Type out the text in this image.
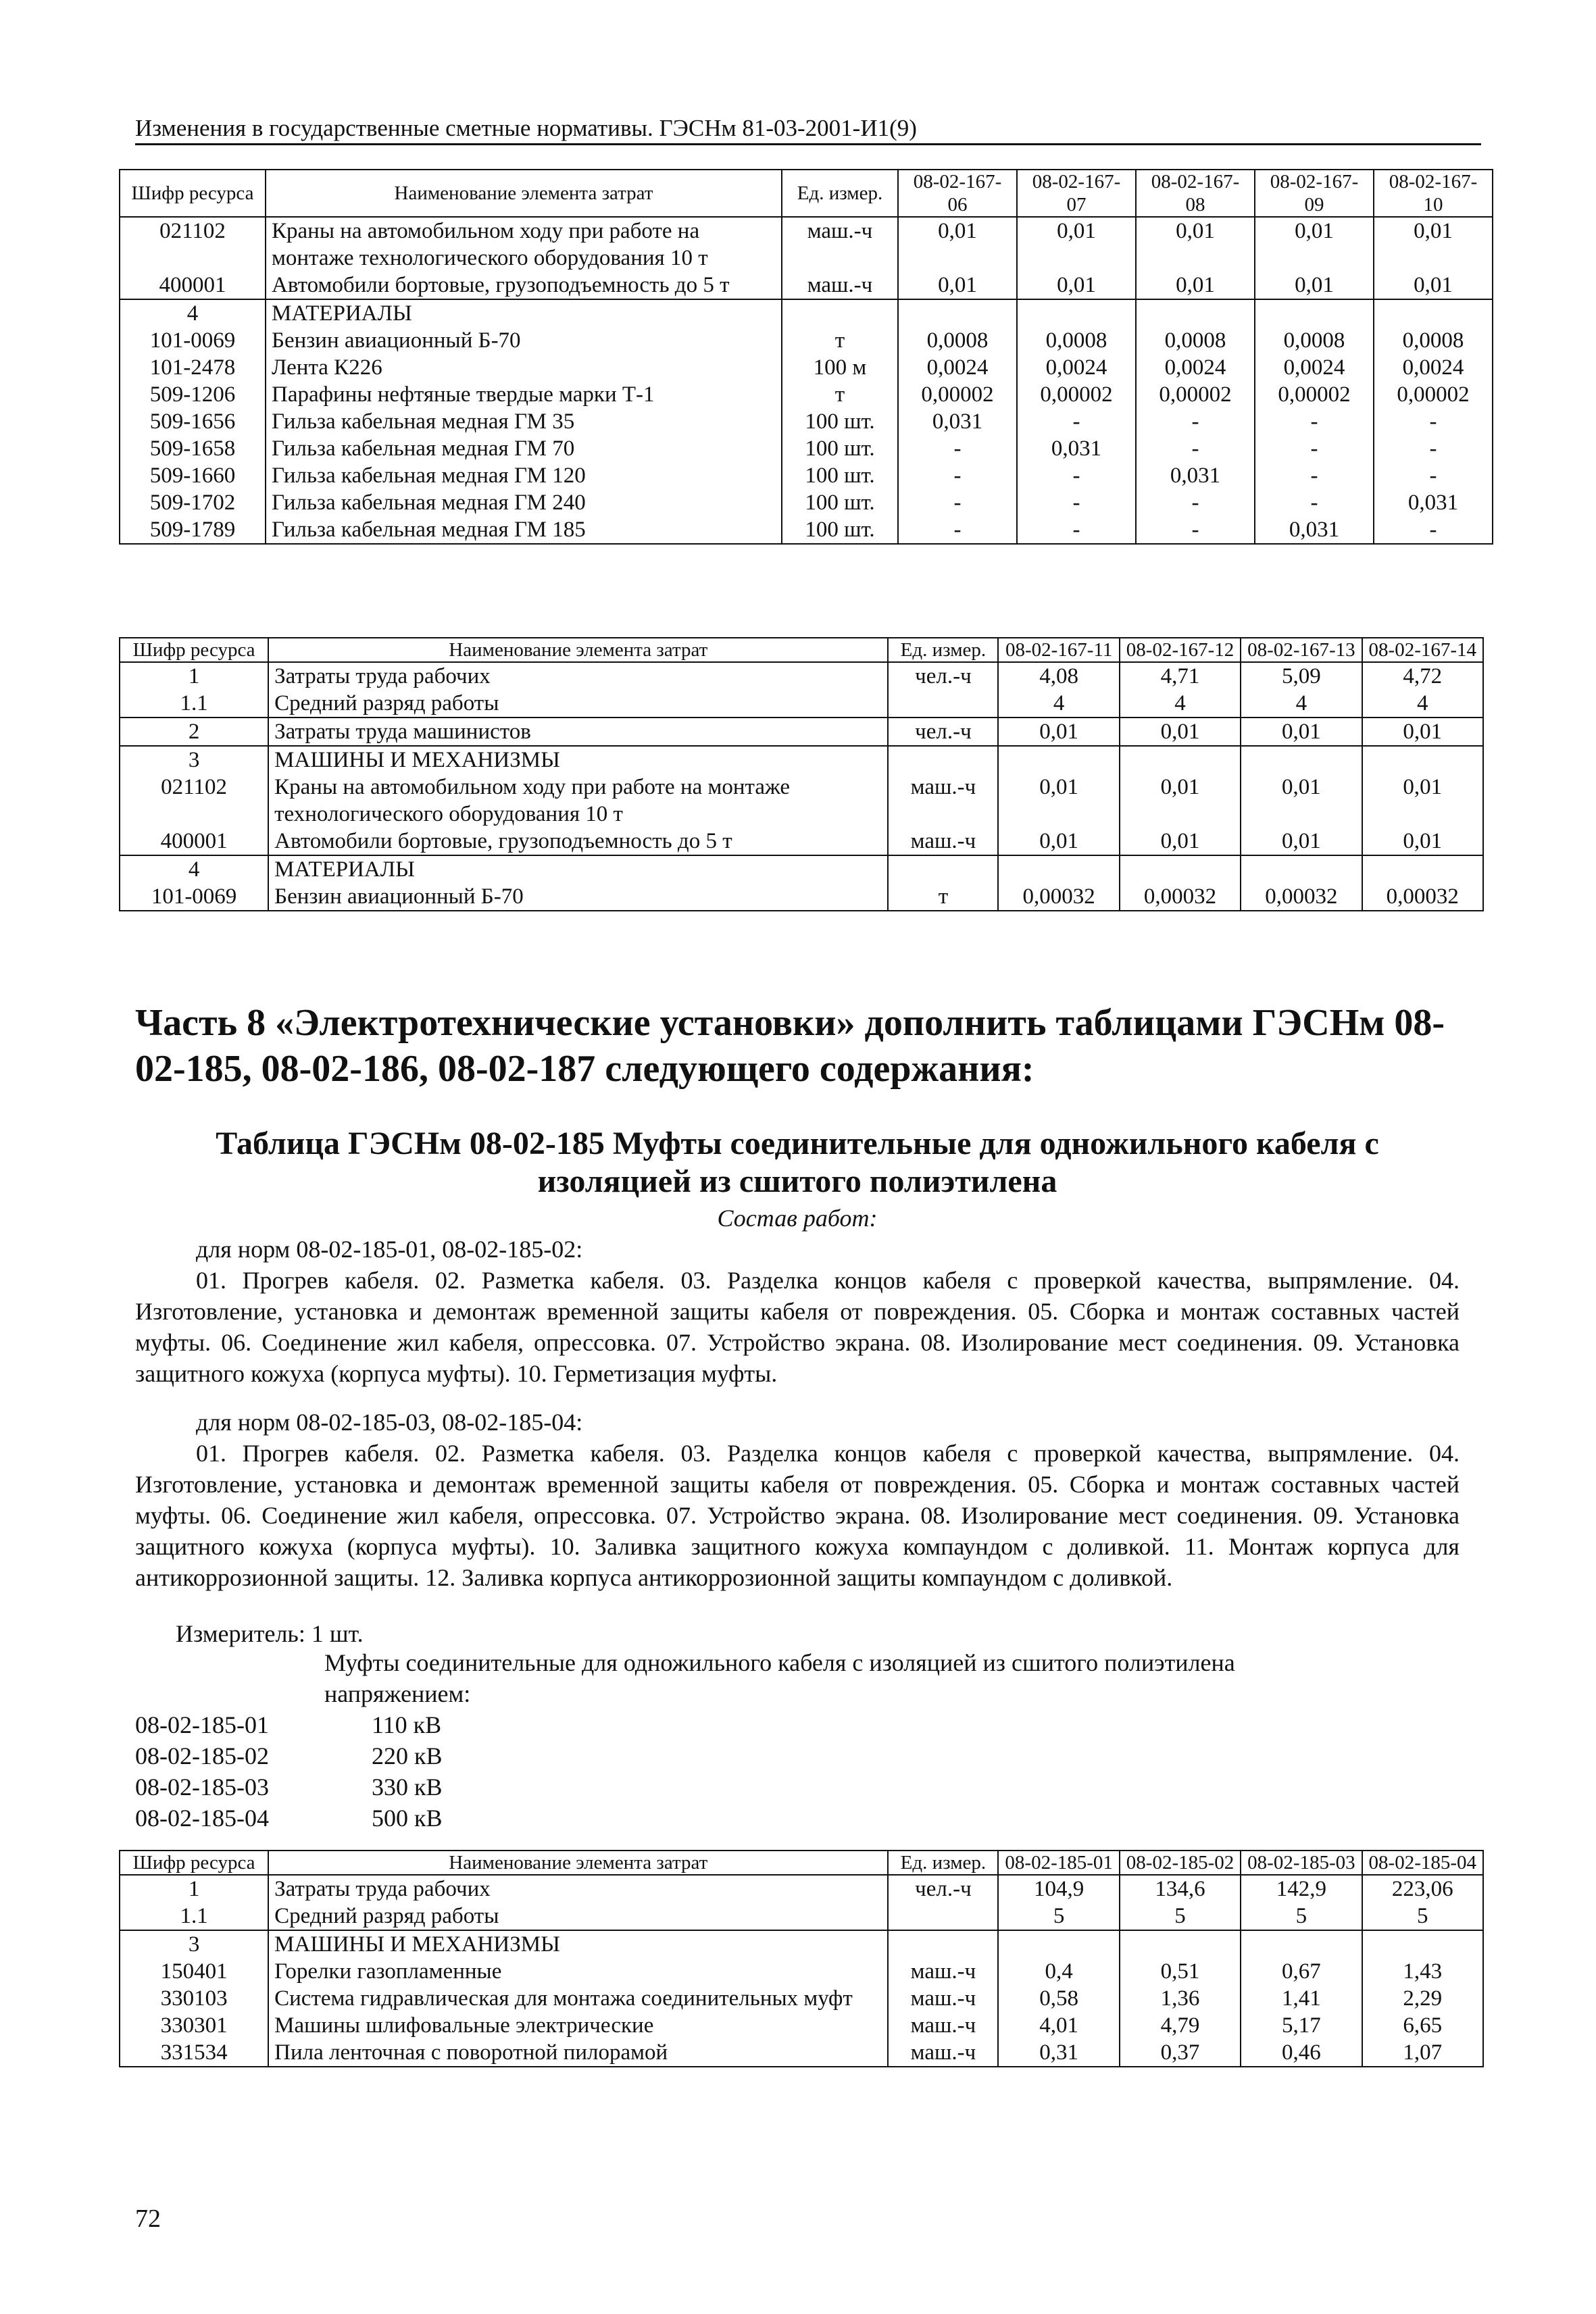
Изменения в государственные сметные нормативы. ГЭСНм 81-03-2001-И1(9)
Шифр ресурса	Наименование элемента затрат	Ед. измер.	08-02-167-06	08-02-167-07	08-02-167-08	08-02-167-09	08-02-167-10
021102	Краны на автомобильном ходу при работе на монтаже технологического оборудования 10 т	маш.-ч	0,01	0,01	0,01	0,01	0,01
400001	Автомобили бортовые, грузоподъемность до 5 т	маш.-ч	0,01	0,01	0,01	0,01	0,01
4	МАТЕРИАЛЫ						
101-0069	Бензин авиационный Б-70	т	0,0008	0,0008	0,0008	0,0008	0,0008
101-2478	Лента К226	100 м	0,0024	0,0024	0,0024	0,0024	0,0024
509-1206	Парафины нефтяные твердые марки Т-1	т	0,00002	0,00002	0,00002	0,00002	0,00002
509-1656	Гильза кабельная медная ГМ 35	100 шт.	0,031	-	-	-	-
509-1658	Гильза кабельная медная ГМ 70	100 шт.	-	0,031	-	-	-
509-1660	Гильза кабельная медная ГМ 120	100 шт.	-	-	0,031	-	-
509-1702	Гильза кабельная медная ГМ 240	100 шт.	-	-	-	-	0,031
509-1789	Гильза кабельная медная ГМ 185	100 шт.	-	-	-	0,031	-
Шифр ресурса	Наименование элемента затрат	Ед. измер.	08-02-167-11	08-02-167-12	08-02-167-13	08-02-167-14
1	Затраты труда рабочих	чел.-ч	4,08	4,71	5,09	4,72
1.1	Средний разряд работы		4	4	4	4
2	Затраты труда машинистов	чел.-ч	0,01	0,01	0,01	0,01
3	МАШИНЫ И МЕХАНИЗМЫ					
021102	Краны на автомобильном ходу при работе на монтаже технологического оборудования 10 т	маш.-ч	0,01	0,01	0,01	0,01
400001	Автомобили бортовые, грузоподъемность до 5 т	маш.-ч	0,01	0,01	0,01	0,01
4	МАТЕРИАЛЫ					
101-0069	Бензин авиационный Б-70	т	0,00032	0,00032	0,00032	0,00032
Часть 8 «Электротехнические установки» дополнить таблицами ГЭСНм 08-02-185, 08-02-186, 08-02-187 следующего содержания:
Таблица ГЭСНм 08-02-185 Муфты соединительные для одножильного кабеля с изоляцией из сшитого полиэтилена
Состав работ:
для норм 08-02-185-01, 08-02-185-02:
01. Прогрев кабеля. 02. Разметка кабеля. 03. Разделка концов кабеля с проверкой качества, выпрямление. 04. Изготовление, установка и демонтаж временной защиты кабеля от повреждения. 05. Сборка и монтаж составных частей муфты. 06. Соединение жил кабеля, опрессовка. 07. Устройство экрана. 08. Изолирование мест соединения. 09. Установка защитного кожуха (корпуса муфты). 10. Герметизация муфты.
для норм 08-02-185-03, 08-02-185-04:
01. Прогрев кабеля. 02. Разметка кабеля. 03. Разделка концов кабеля с проверкой качества, выпрямление. 04. Изготовление, установка и демонтаж временной защиты кабеля от повреждения. 05. Сборка и монтаж составных частей муфты. 06. Соединение жил кабеля, опрессовка. 07. Устройство экрана. 08. Изолирование мест соединения. 09. Установка защитного кожуха (корпуса муфты). 10. Заливка защитного кожуха компаундом с доливкой. 11. Монтаж корпуса для антикоррозионной защиты. 12. Заливка корпуса антикоррозионной защиты компаундом с доливкой.
Измеритель: 1 шт.
Муфты соединительные для одножильного кабеля с изоляцией из сшитого полиэтилена напряжением:
08-02-185-01	110 кВ
08-02-185-02	220 кВ
08-02-185-03	330 кВ
08-02-185-04	500 кВ
Шифр ресурса	Наименование элемента затрат	Ед. измер.	08-02-185-01	08-02-185-02	08-02-185-03	08-02-185-04
1	Затраты труда рабочих	чел.-ч	104,9	134,6	142,9	223,06
1.1	Средний разряд работы		5	5	5	5
3	МАШИНЫ И МЕХАНИЗМЫ					
150401	Горелки газопламенные	маш.-ч	0,4	0,51	0,67	1,43
330103	Система гидравлическая для монтажа соединительных муфт	маш.-ч	0,58	1,36	1,41	2,29
330301	Машины шлифовальные электрические	маш.-ч	4,01	4,79	5,17	6,65
331534	Пила ленточная с поворотной пилорамой	маш.-ч	0,31	0,37	0,46	1,07
72
